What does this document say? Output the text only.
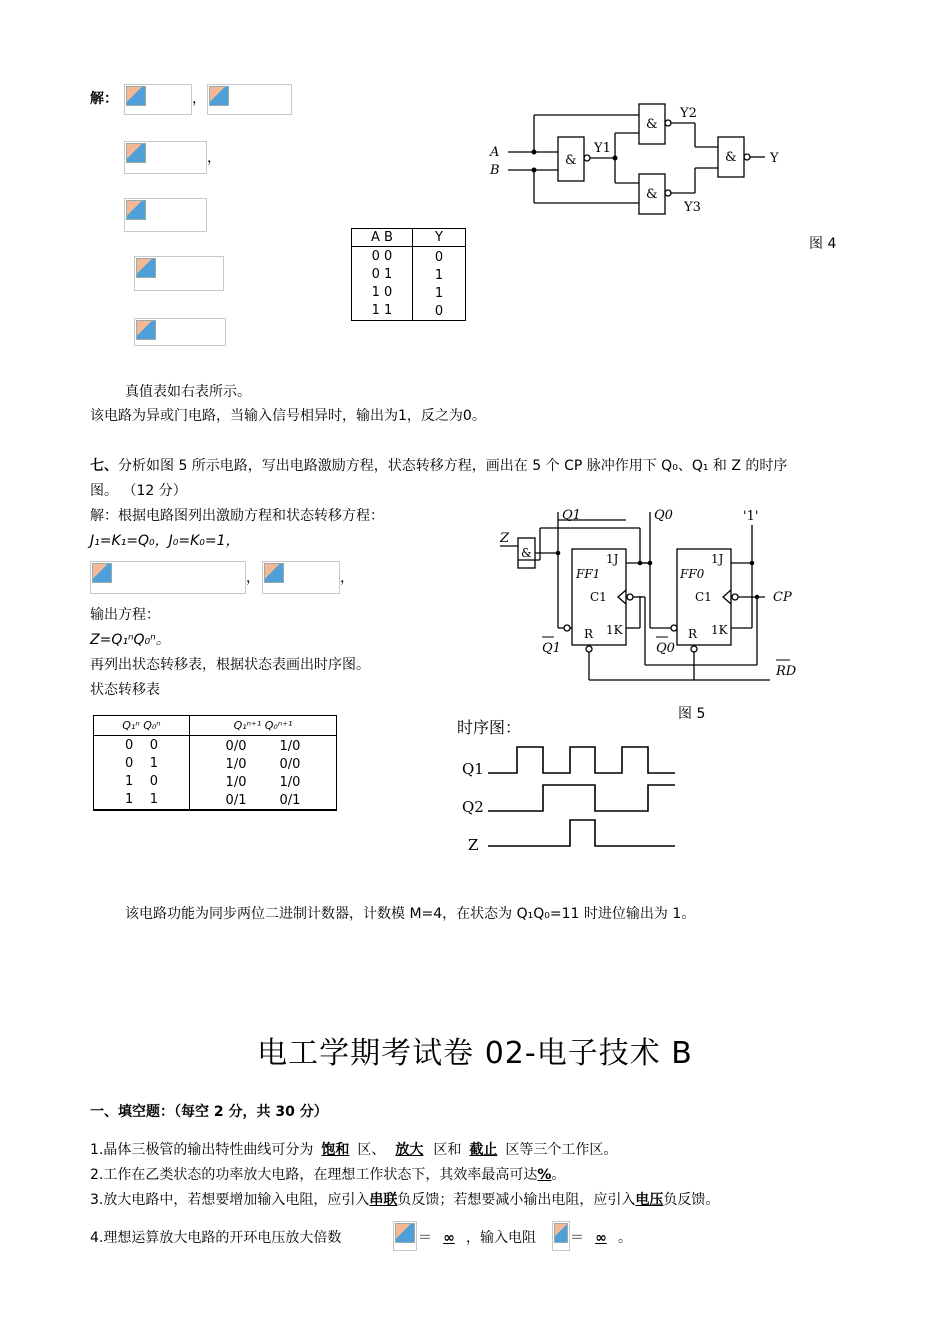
解：	，
，
A B	Y
0 0	0
0 1	1
1 0	1
1 1	0
&
&
&
&
A
B
Y1
Y2
Y3
Y
图 4
真值表如右表所示。
该电路为异或门电路，当输入信号相异时，输出为1，反之为0。
七、分析如图 5 所示电路，写出电路激励方程，状态转移方程，画出在 5 个 CP 脉冲作用下 Q₀、Q₁ 和 Z 的时序
图。 （12 分）
解：根据电路图列出激励方程和状态转移方程：
J₁=K₁=Q₀，J₀=K₀=1，
，	，
输出方程：
Z=Q₁ⁿQ₀ⁿ。
再列出状态转移表，根据状态表画出时序图。
状态转移表
Q₁ⁿ Q₀ⁿ	Q₁ⁿ⁺¹ Q₀ⁿ⁺¹
0    0	0/0        1/0
0    1	1/0        0/0
1    0	1/0        1/0
1    1	0/1        0/1
&
Z
Q1	Q0	'1'
1J	1J
FF1	FF0
C1	C1
1K	1K
R	R
CP
RD
Q1	Q0
图 5
时序图：
Q1
Q2
Z
该电路功能为同步两位二进制计数器，计数模 M=4，在状态为 Q₁Q₀=11 时进位输出为 1。
电工学期考试卷 02-电子技术 B
一、填空题：（每空 2 分，共 30 分）
1.晶体三极管的输出特性曲线可分为 饱和 区、 放大 区和 截止 区等三个工作区。
2.工作在乙类状态的功率放大电路，在理想工作状态下，其效率最高可达%。
3.放大电路中，若想要增加输入电阻，应引入串联负反馈；若想要减小输出电阻，应引入电压负反馈。
4.理想运算放大电路的开环电压放大倍数	＝ ∞ ，输入电阻 ＝ ∞ 。
